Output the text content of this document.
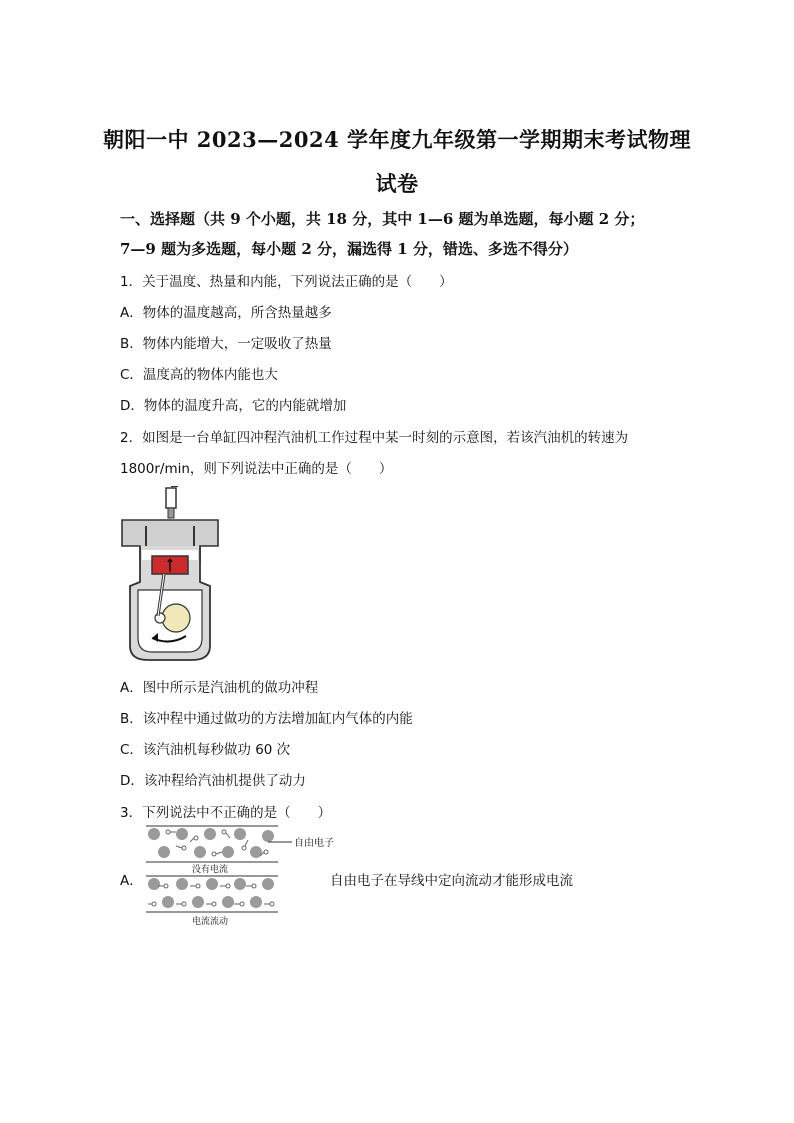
朝阳一中 2023—2024 学年度九年级第一学期期末考试物理
试卷
一、选择题（共 9 个小题，共 18 分，其中 1—6 题为单选题，每小题 2 分；
7—9 题为多选题，每小题 2 分，漏选得 1 分，错选、多选不得分）
1．关于温度、热量和内能，下列说法正确的是（　　）
A．物体的温度越高，所含热量越多
B．物体内能增大，一定吸收了热量
C．温度高的物体内能也大
D．物体的温度升高，它的内能就增加
2．如图是一台单缸四冲程汽油机工作过程中某一时刻的示意图，若该汽油机的转速为
1800r/min，则下列说法中正确的是（　　）
A．图中所示是汽油机的做功冲程
B．该冲程中通过做功的方法增加缸内气体的内能
C．该汽油机每秒做功 60 次
D．该冲程给汽油机提供了动力
3．下列说法中不正确的是（　　）
A．	自由电子在导线中定向流动才能形成电流
自由电子
没有电流
电流流动
